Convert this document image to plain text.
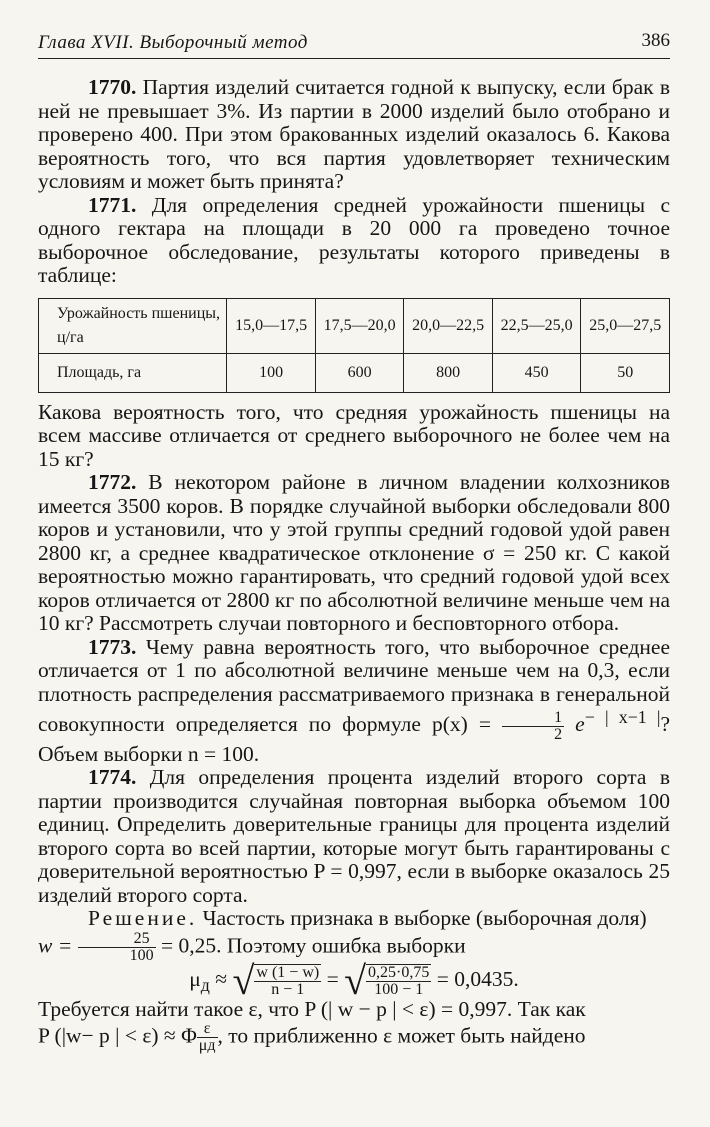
Глава XVII. Выборочный метод	386

1770. Партия изделий считается годной к выпуску, если брак в ней не превышает 3%. Из партии в 2000 изделий было отобрано и проверено 400. При этом бракованных изделий оказалось 6. Какова вероятность того, что вся партия удовлетворяет техническим условиям и может быть принята?

1771. Для определения средней урожайности пшеницы с одного гектара на площади в 20 000 га проведено точное выборочное обследование, результаты которого приведены в таблице:

Урожайность пшеницы, ц/га	15,0—17,5	17,5—20,0	20,0—22,5	22,5—25,0	25,0—27,5
Площадь, га	100	600	800	450	50

Какова вероятность того, что средняя урожайность пшеницы на всем массиве отличается от среднего выборочного не более чем на 15 кг?

1772. В некотором районе в личном владении колхозников имеется 3500 коров. В порядке случайной выборки обследовали 800 коров и установили, что у этой группы средний годовой удой равен 2800 кг, а среднее квадратическое отклонение σ = 250 кг. С какой вероятностью можно гарантировать, что средний годовой удой всех коров отличается от 2800 кг по абсолютной величине меньше чем на 10 кг? Рассмотреть случаи повторного и бесповторного отбора.

1773. Чему равна вероятность того, что выборочное среднее отличается от 1 по абсолютной величине меньше чем на 0,3, если плотность распределения рассматриваемого признака в генеральной совокупности определяется по формуле $p(x) = \frac{1}{2} e^{- | x-1 |}$? Объем выборки n = 100.

1774. Для определения процента изделий второго сорта в партии производится случайная повторная выборка объемом 100 единиц. Определить доверительные границы для процента изделий второго сорта во всей партии, которые могут быть гарантированы с доверительной вероятностью P = 0,997, если в выборке оказалось 25 изделий второго сорта.

Решение. Частость признака в выборке (выборочная доля)
$w = \frac{25}{100} = 0,25$. Поэтому ошибка выборки

$\mu_д$ ≈ √ $\frac{w (1 - w)}{n - 1}$ = √ $\frac{0,25\cdot 0,75}{100 - 1} = 0,0435$.

Требуется найти такое ε, что P (| w − p | < ε) = 0,997. Так как

P (|w− p | < ε) ≈ Φ $\frac{\varepsilon}{\mu д}$ , то приближенно ε может быть найдено
